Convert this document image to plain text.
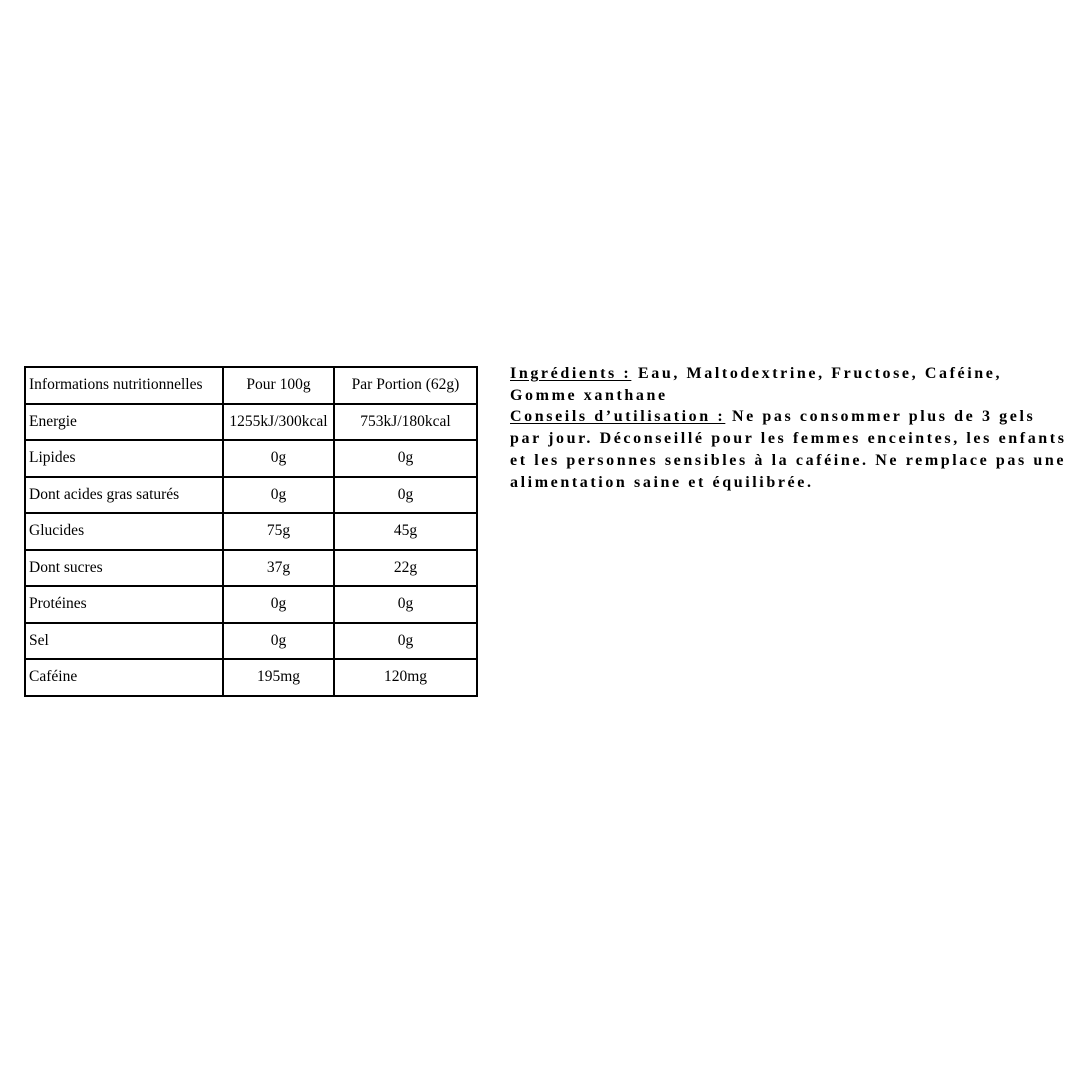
Informations nutritionnelles	Pour 100g	Par Portion (62g)
Energie	1255kJ/300kcal	753kJ/180kcal
Lipides	0g	0g
Dont acides gras saturés	0g	0g
Glucides	75g	45g
Dont sucres	37g	22g
Protéines	0g	0g
Sel	0g	0g
Caféine	195mg	120mg
Ingrédients : Eau, Maltodextrine, Fructose, Caféine, Gomme xanthane
Conseils d’utilisation : Ne pas consommer plus de 3 gels par jour. Déconseillé pour les femmes enceintes, les enfants et les personnes sensibles à la caféine. Ne remplace pas une alimentation saine et équilibrée.
